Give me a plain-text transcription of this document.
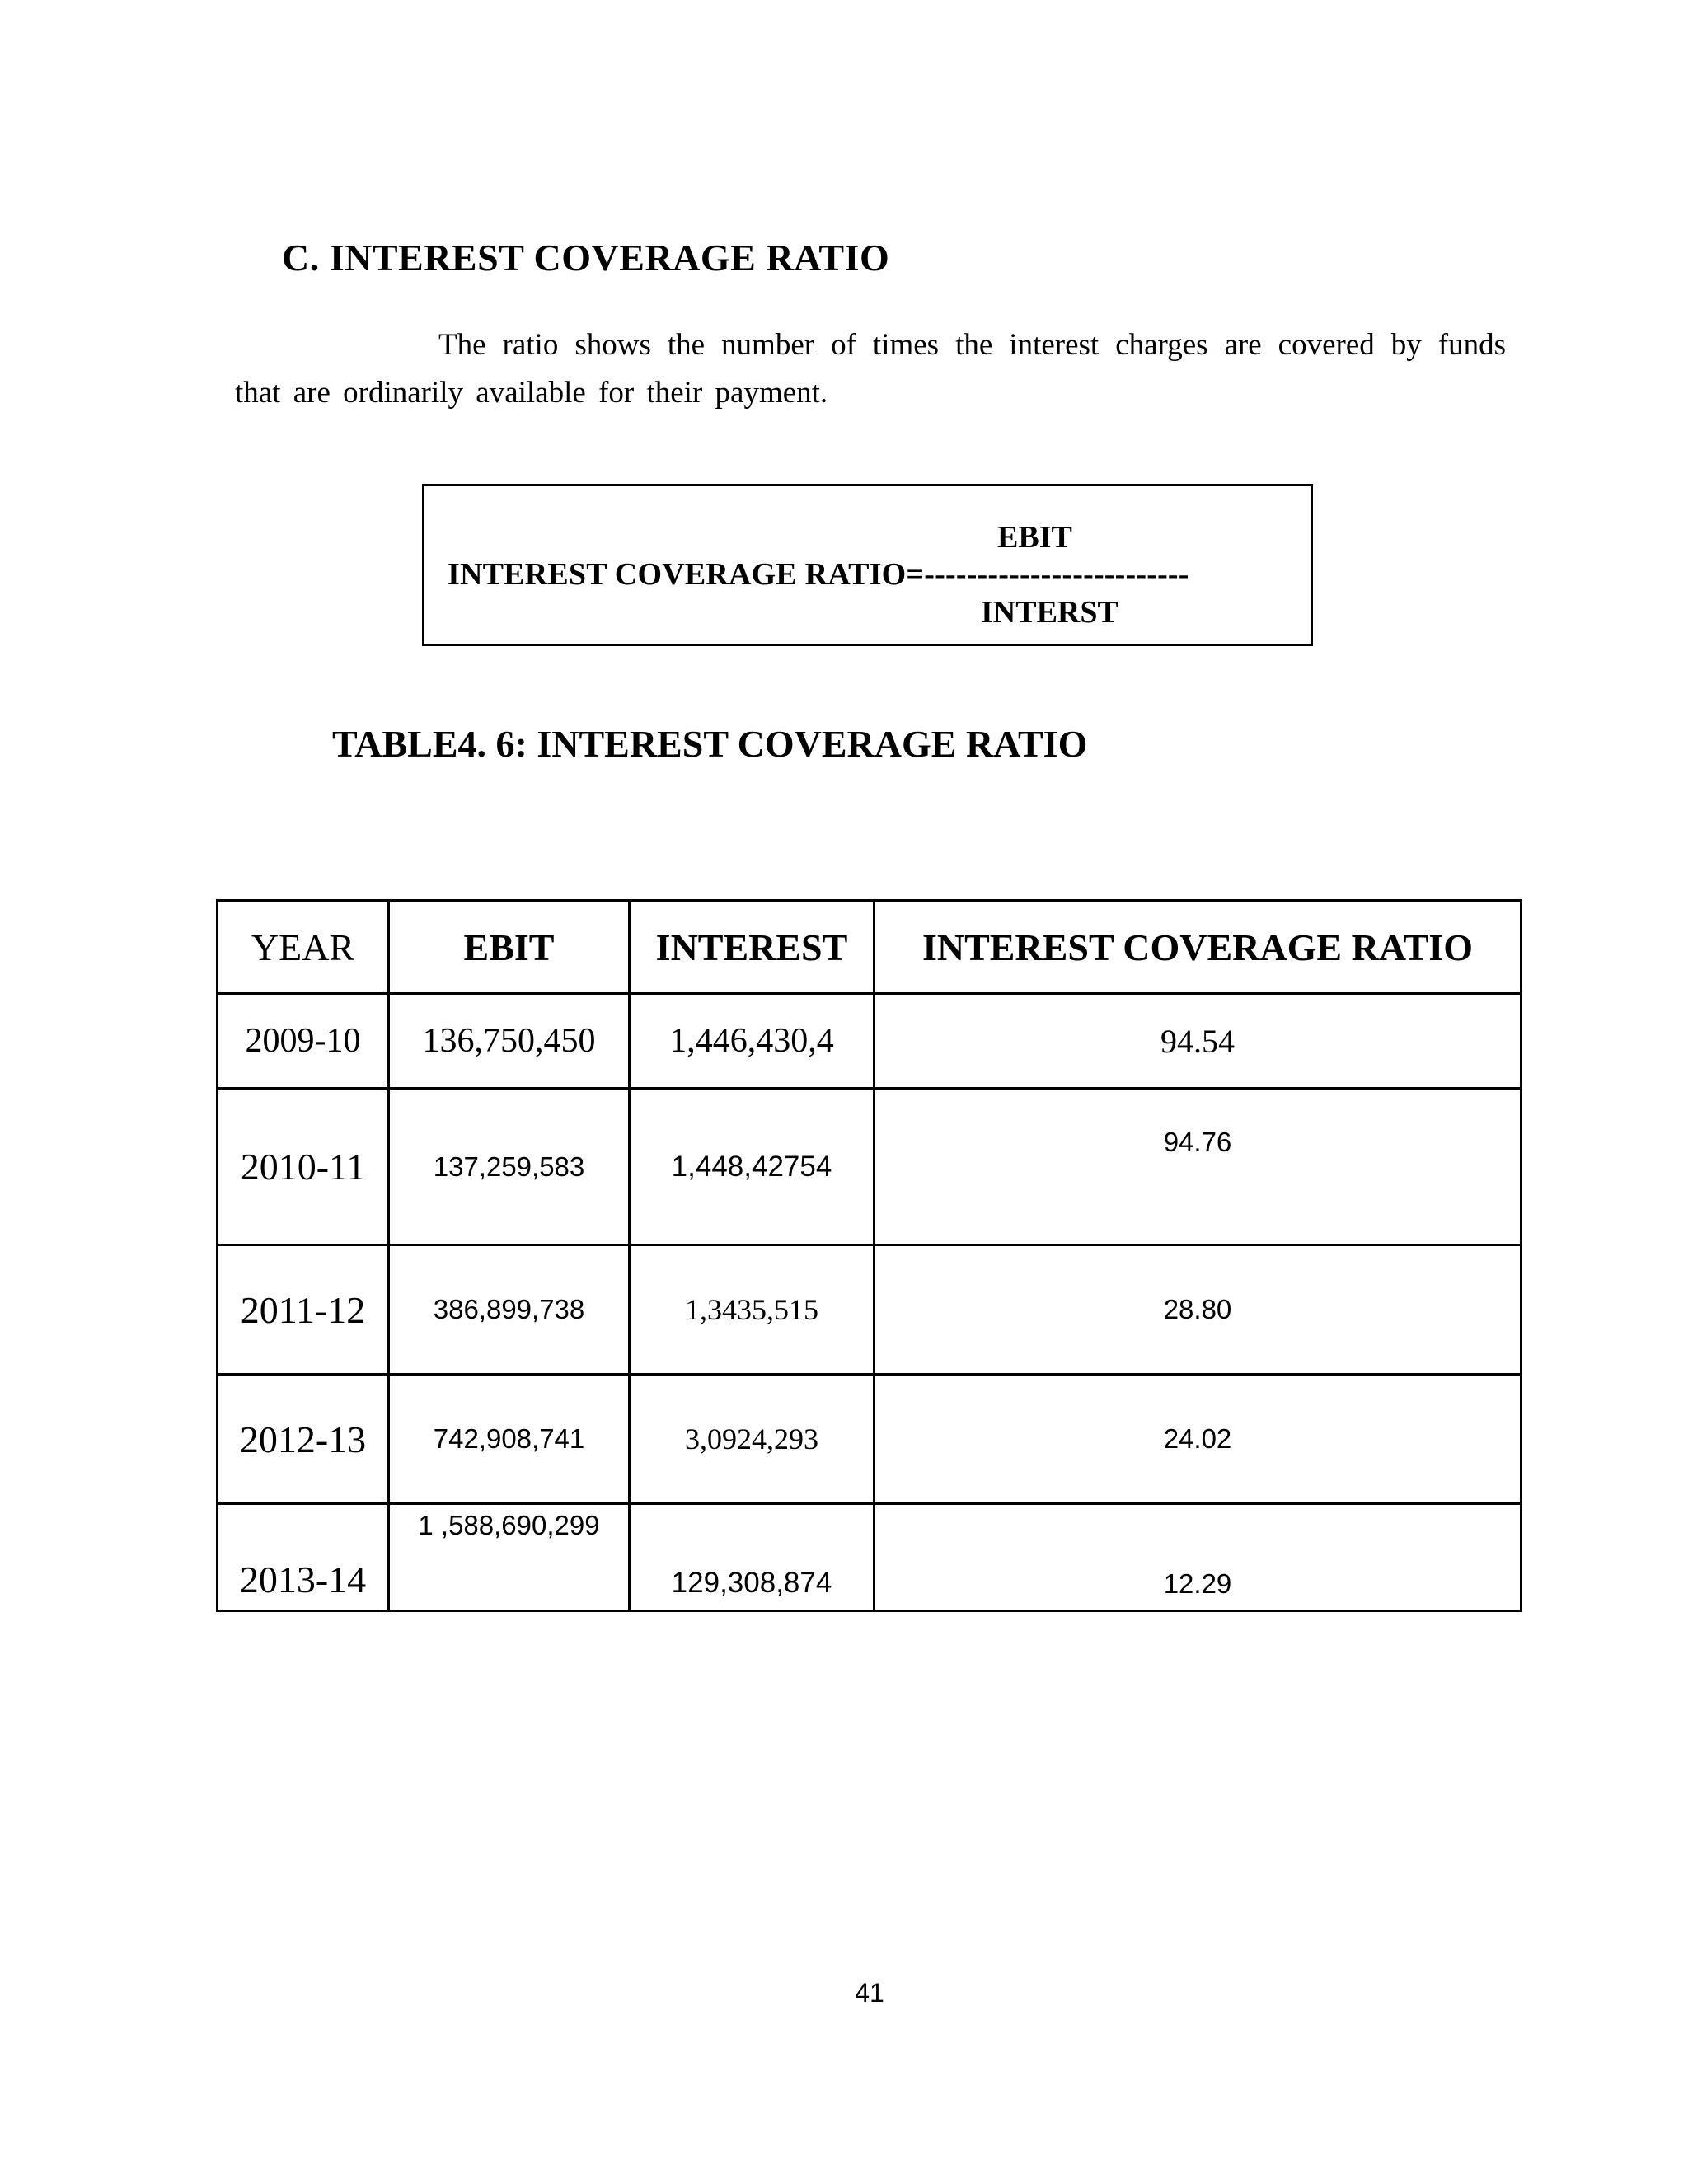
C. INTEREST COVERAGE RATIO

The ratio shows the number of times the interest charges are covered by funds that are ordinarily available for their payment.

EBIT
INTEREST COVERAGE RATIO=-------------------------
INTERST
TABLE4. 6: INTEREST COVERAGE RATIO
YEAR	EBIT	INTEREST	INTEREST COVERAGE RATIO
2009-10	136,750,450	1,446,430,4	94.54
2010-11	137,259,583	1,448,42754	94.76
2011-12	386,899,738	1,3435,515	28.80
2012-13	742,908,741	3,0924,293	24.02
2013-14	1 ,588,690,299	129,308,874	12.29
41
